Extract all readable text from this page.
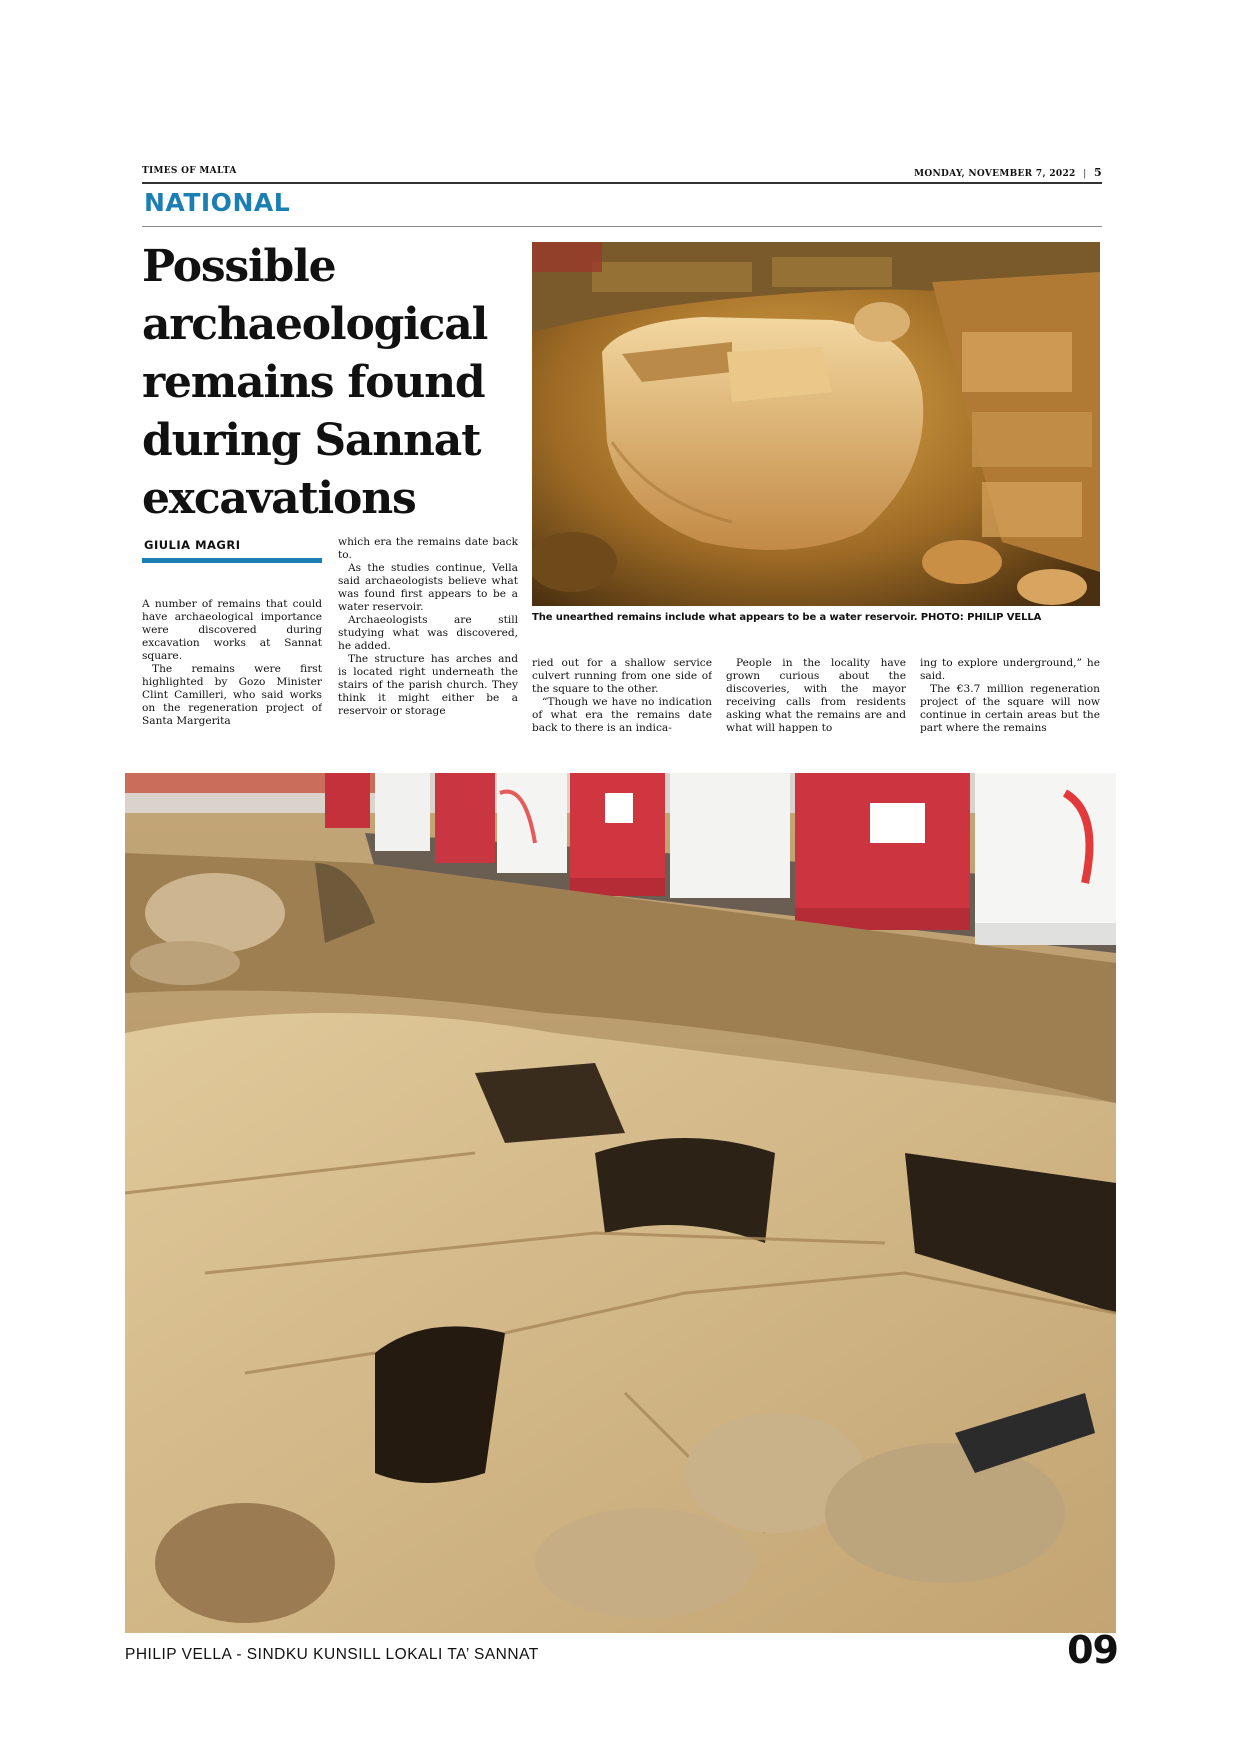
TIMES OF MALTA	MONDAY, NOVEMBER 7, 2022 | 5
NATIONAL
Possible archaeological remains found during Sannat excavations
GIULIA MAGRI

A number of remains that could have archaeological importance were discovered during excavation works at Sannat square.

The remains were first highlighted by Gozo Minister Clint Camilleri, who said works on the regeneration project of Santa Margerita

which era the remains date back to.

As the studies continue, Vella said archaeologists believe what was found first appears to be a water reservoir.

Archaeologists are still studying what was discovered, he added.

The structure has arches and is located right underneath the stairs of the parish church. They think it might either be a reservoir or storage

ried out for a shallow service culvert running from one side of the square to the other.

“Though we have no indication of what era the remains date back to there is an indica-

People in the locality have grown curious about the discoveries, with the mayor receiving calls from residents asking what the remains are and what will happen to

ing to explore underground,” he said.

The €3.7 million regeneration project of the square will now continue in certain areas but the part where the remains

The unearthed remains include what appears to be a water reservoir. PHOTO: PHILIP VELLA
PHILIP VELLA - SINDKU KUNSILL LOKALI TA’ SANNAT	09
